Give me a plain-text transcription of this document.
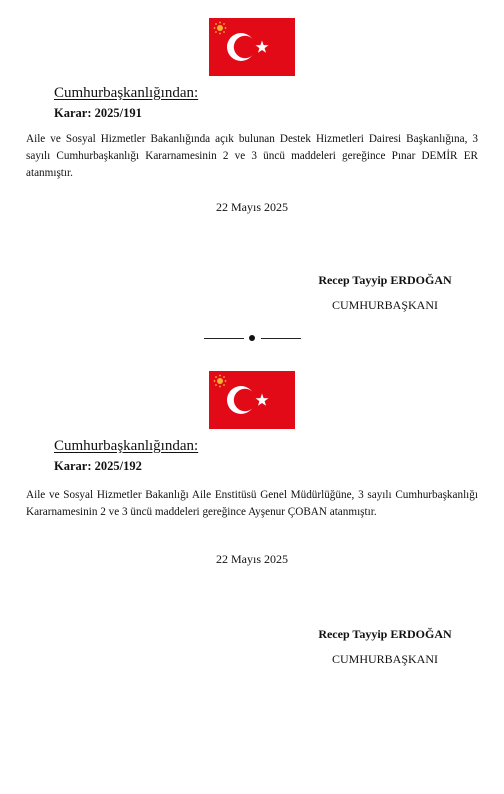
Cumhurbaşkanlığından:
Karar: 2025/191
Aile ve Sosyal Hizmetler Bakanlığında açık bulunan Destek Hizmetleri Dairesi Başkanlığına, 3 sayılı Cumhurbaşkanlığı Kararnamesinin 2 ve 3 üncü maddeleri gereğince Pınar DEMİR ER atanmıştır.
22 Mayıs 2025
Recep Tayyip ERDOĞAN
CUMHURBAŞKANI
Cumhurbaşkanlığından:
Karar: 2025/192
Aile ve Sosyal Hizmetler Bakanlığı Aile Enstitüsü Genel Müdürlüğüne, 3 sayılı Cumhurbaşkanlığı Kararnamesinin 2 ve 3 üncü maddeleri gereğince Ayşenur ÇOBAN atanmıştır.
22 Mayıs 2025
Recep Tayyip ERDOĞAN
CUMHURBAŞKANI
